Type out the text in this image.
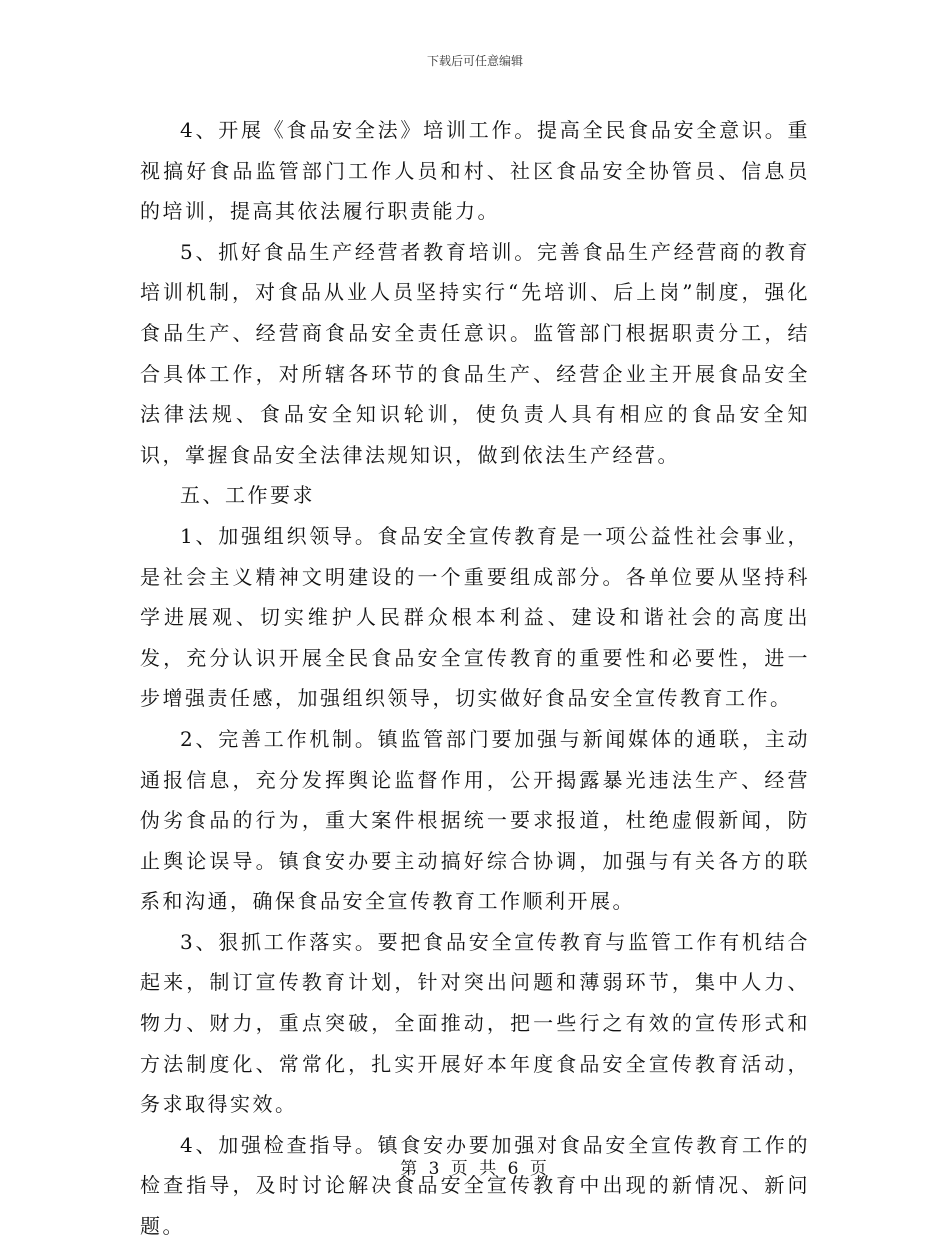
下载后可任意编辑

4、开展《食品安全法》培训工作。提高全民食品安全意识。重视搞好食品监管部门工作人员和村、社区食品安全协管员、信息员的培训，提高其依法履行职责能力。

5、抓好食品生产经营者教育培训。完善食品生产经营商的教育培训机制，对食品从业人员坚持实行“先培训、后上岗”制度，强化食品生产、经营商食品安全责任意识。监管部门根据职责分工，结合具体工作，对所辖各环节的食品生产、经营企业主开展食品安全法律法规、食品安全知识轮训，使负责人具有相应的食品安全知识，掌握食品安全法律法规知识，做到依法生产经营。

五、工作要求

1、加强组织领导。食品安全宣传教育是一项公益性社会事业，是社会主义精神文明建设的一个重要组成部分。各单位要从坚持科学进展观、切实维护人民群众根本利益、建设和谐社会的高度出发，充分认识开展全民食品安全宣传教育的重要性和必要性，进一步增强责任感，加强组织领导，切实做好食品安全宣传教育工作。

2、完善工作机制。镇监管部门要加强与新闻媒体的通联，主动通报信息，充分发挥舆论监督作用，公开揭露暴光违法生产、经营伪劣食品的行为，重大案件根据统一要求报道，杜绝虚假新闻，防止舆论误导。镇食安办要主动搞好综合协调，加强与有关各方的联系和沟通，确保食品安全宣传教育工作顺利开展。

3、狠抓工作落实。要把食品安全宣传教育与监管工作有机结合起来，制订宣传教育计划，针对突出问题和薄弱环节，集中人力、物力、财力，重点突破，全面推动，把一些行之有效的宣传形式和方法制度化、常常化，扎实开展好本年度食品安全宣传教育活动，务求取得实效。

4、加强检查指导。镇食安办要加强对食品安全宣传教育工作的检查指导，及时讨论解决食品安全宣传教育中出现的新情况、新问题。

第 3 页 共 6 页
